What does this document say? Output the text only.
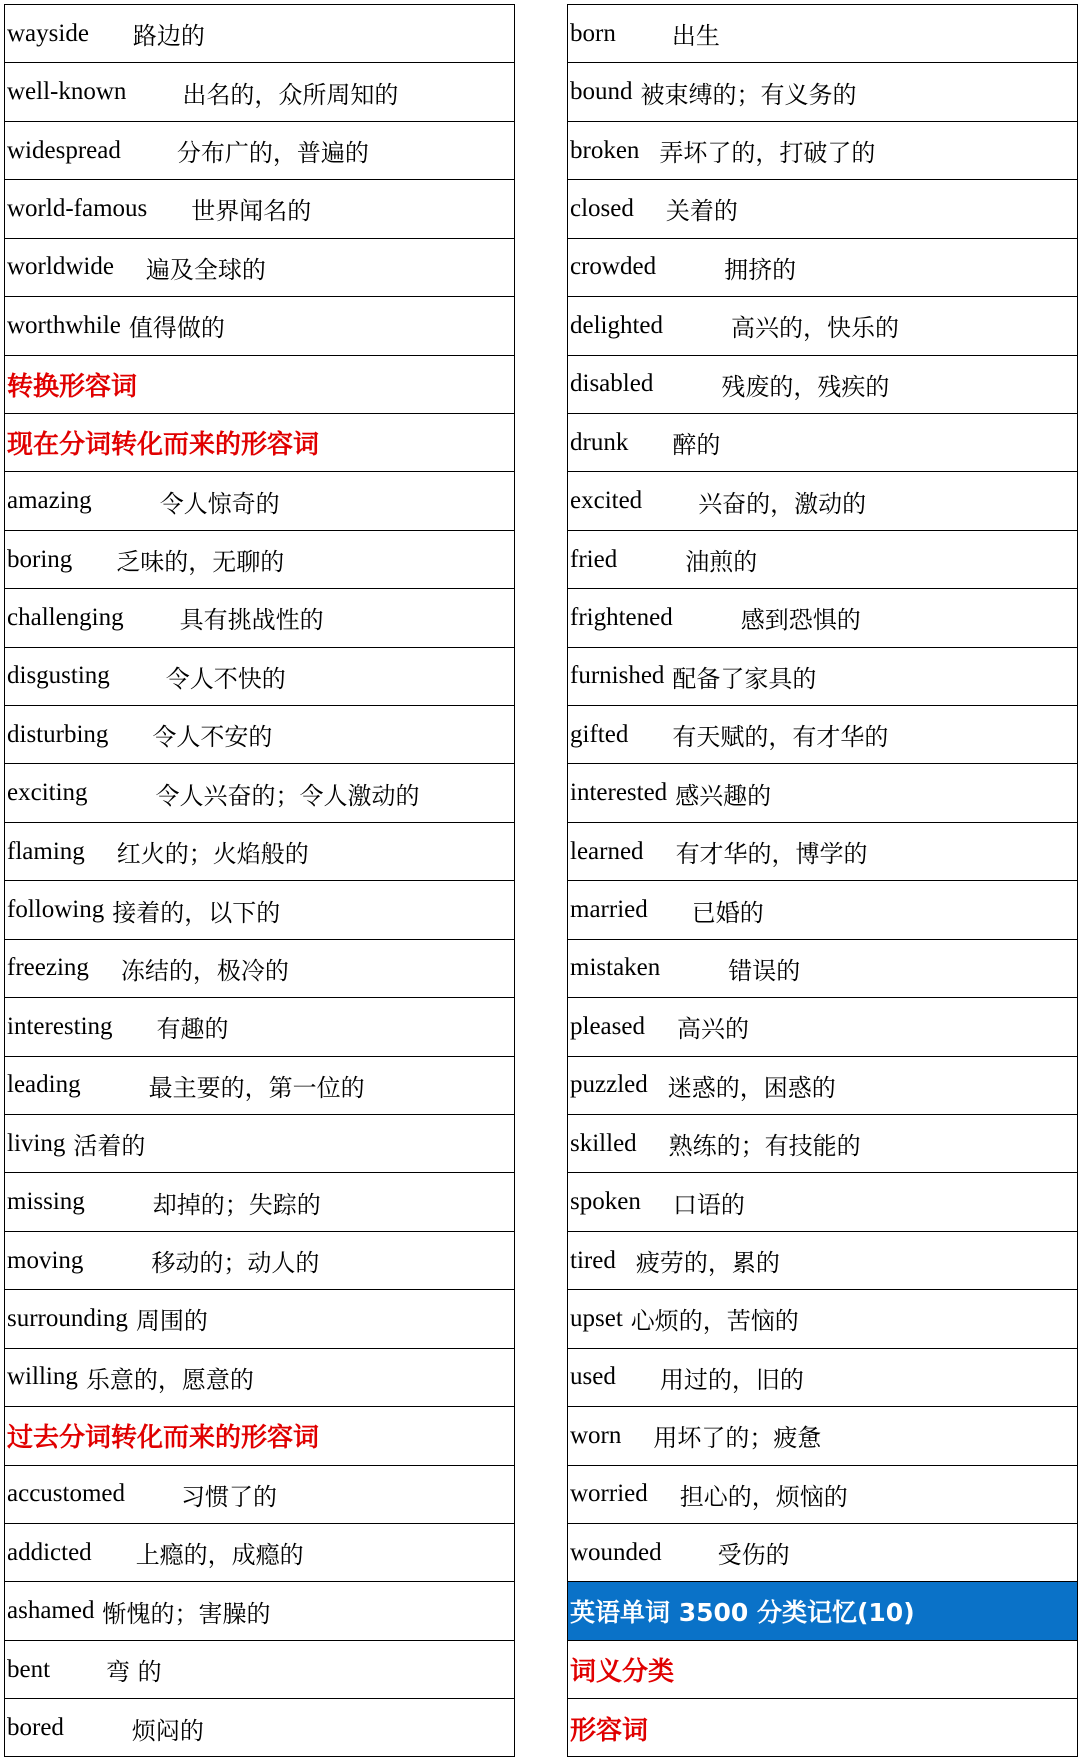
wayside 路边的
well-known 出名的，众所周知的
widespread 分布广的，普遍的
world-famous 世界闻名的
worldwide 遍及全球的
worthwhile 值得做的
转换形容词
现在分词转化而来的形容词
amazing	令人惊奇的
boring 乏味的，无聊的
challenging 具有挑战性的
disgusting 令人不快的
disturbing 令人不安的
exciting	令人兴奋的；令人激动的
flaming 红火的；火焰般的
following 接着的，以下的
freezing 冻结的，极冷的
interesting 有趣的
leading	最主要的，第一位的
living 活着的
missing	却掉的；失踪的
moving	移动的；动人的
surrounding 周围的
willing 乐意的，愿意的
过去分词转化而来的形容词
accustomed 习惯了的
addicted 上瘾的，成瘾的
ashamed 惭愧的；害臊的
bent 弯 的
bored	烦闷的
born 出生
bound 被束缚的；有义务的
broken 弄坏了的，打破了的
closed 关着的
crowded	拥挤的
delighted	高兴的，快乐的
disabled	残废的，残疾的
drunk 醉的
excited 兴奋的，激动的
fried	油煎的
frightened	感到恐惧的
furnished 配备了家具的
gifted 有天赋的，有才华的
interested 感兴趣的
learned 有才华的，博学的
married 已婚的
mistaken	错误的
pleased 高兴的
puzzled 迷惑的，困惑的
skilled 熟练的；有技能的
spoken 口语的
tired 疲劳的，累的
upset 心烦的，苦恼的
used 用过的，旧的
worn 用坏了的；疲惫
worried 担心的，烦恼的
wounded 受伤的
英语单词 3500 分类记忆(10)
词义分类
形容词
